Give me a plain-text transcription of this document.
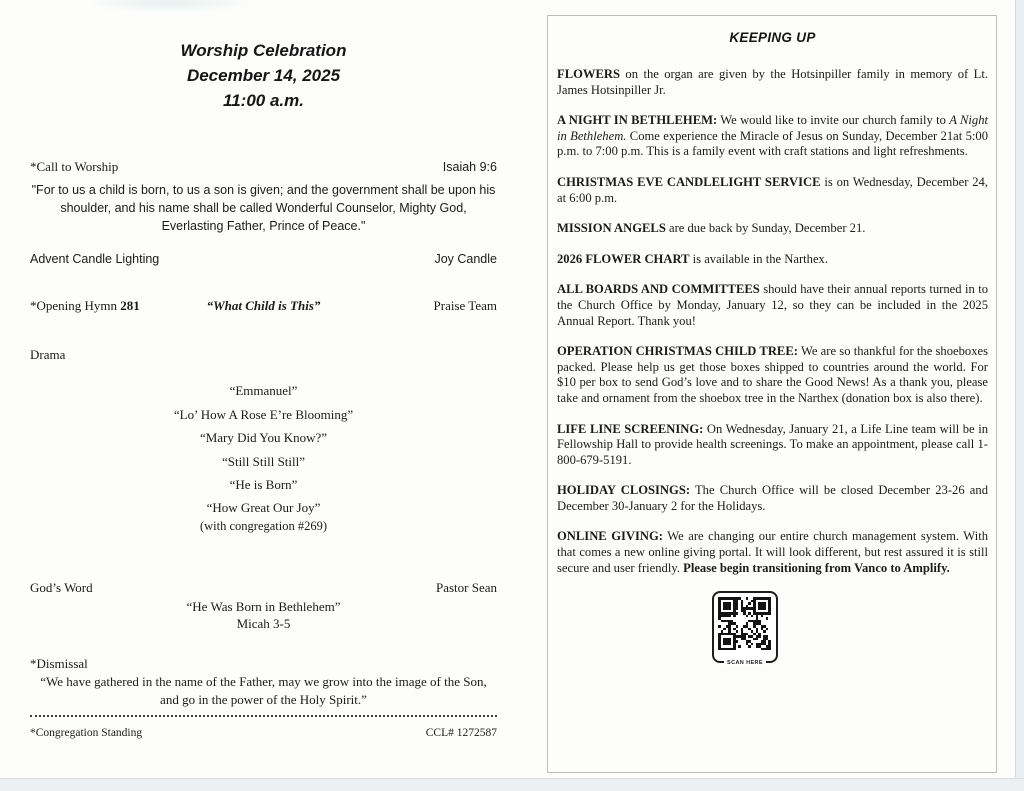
Worship Celebration
December 14, 2025
11:00 a.m.
*Call to Worship	Isaiah 9:6
"For to us a child is born, to us a son is given; and the government shall be upon his shoulder, and his name shall be called Wonderful Counselor, Mighty God, Everlasting Father, Prince of Peace."
Advent Candle Lighting	Joy Candle
*Opening Hymn 281	“What Child is This”	Praise Team
Drama
“Emmanuel”
“Lo’ How A Rose E’re Blooming”
“Mary Did You Know?”
“Still Still Still”
“He is Born”
“How Great Our Joy”
(with congregation #269)
God’s Word	Pastor Sean
“He Was Born in Bethlehem”
Micah 3-5
*Dismissal
“We have gathered in the name of the Father, may we grow into the image of the Son, and go in the power of the Holy Spirit.”
*Congregation Standing	CCL# 1272587
KEEPING UP

FLOWERS on the organ are given by the Hotsinpiller family in memory of Lt. James Hotsinpiller Jr.

A NIGHT IN BETHLEHEM: We would like to invite our church family to A Night in Bethlehem. Come experience the Miracle of Jesus on Sunday, December 21at 5:00 p.m. to 7:00 p.m. This is a family event with craft stations and light refreshments.

CHRISTMAS EVE CANDLELIGHT SERVICE is on Wednesday, December 24, at 6:00 p.m.

MISSION ANGELS are due back by Sunday, December 21.

2026 FLOWER CHART is available in the Narthex.

ALL BOARDS AND COMMITTEES should have their annual reports turned in to the Church Office by Monday, January 12, so they can be included in the 2025 Annual Report. Thank you!

OPERATION CHRISTMAS CHILD TREE: We are so thankful for the shoeboxes packed. Please help us get those boxes shipped to countries around the world. For $10 per box to send God’s love and to share the Good News! As a thank you, please take and ornament from the shoebox tree in the Narthex (donation box is also there).

LIFE LINE SCREENING: On Wednesday, January 21, a Life Line team will be in Fellowship Hall to provide health screenings. To make an appointment, please call 1-800-679-5191.

HOLIDAY CLOSINGS: The Church Office will be closed December 23-26 and December 30-January 2 for the Holidays.

ONLINE GIVING: We are changing our entire church management system. With that comes a new online giving portal. It will look different, but rest assured it is still secure and user friendly. Please begin transitioning from Vanco to Amplify.

SCAN HERE
